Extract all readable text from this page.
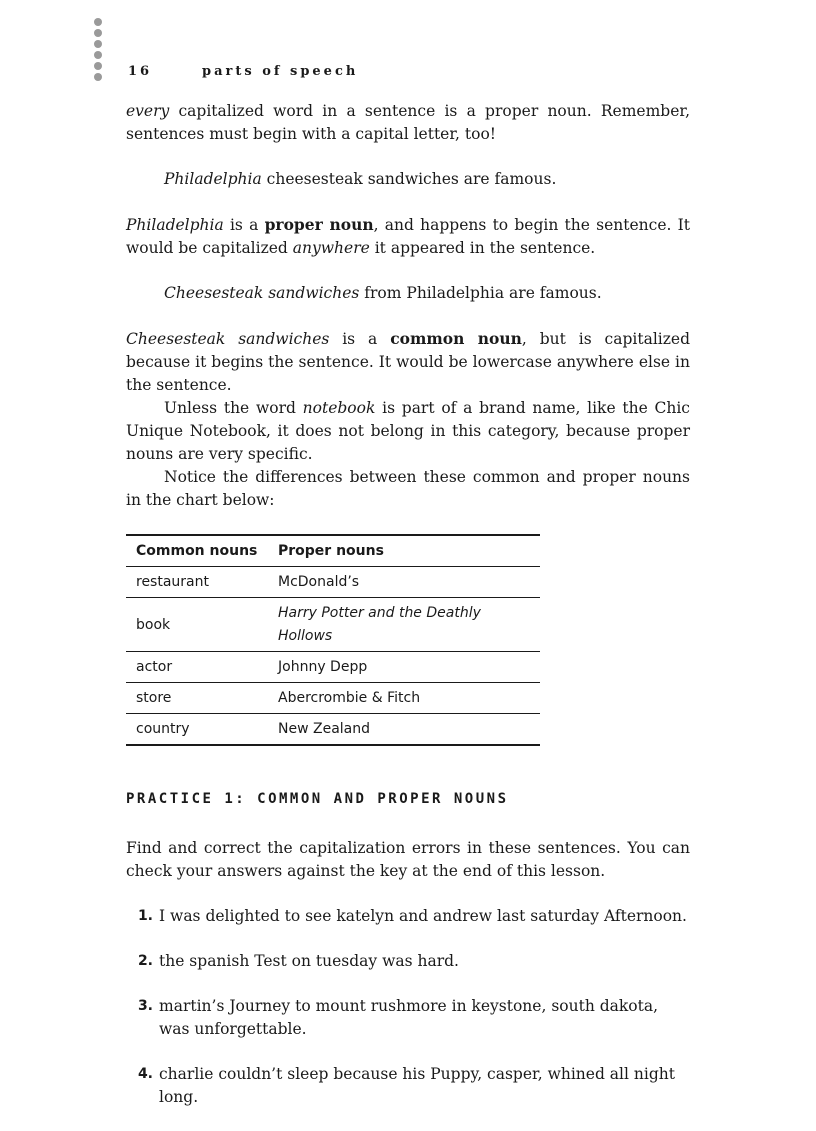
16	parts of speech

every capitalized word in a sentence is a proper noun. Remember, sentences must begin with a capital letter, too!

Philadelphia cheesesteak sandwiches are famous.

Philadelphia is a proper noun, and happens to begin the sentence. It would be capitalized anywhere it appeared in the sentence.

Cheesesteak sandwiches from Philadelphia are famous.

Cheesesteak sandwiches is a common noun, but is capitalized because it begins the sentence. It would be lowercase anywhere else in the sentence.

Unless the word notebook is part of a brand name, like the Chic Unique Notebook, it does not belong in this category, because proper nouns are very specific.

Notice the differences between these common and proper nouns in the chart below:

Common nouns	Proper nouns
restaurant	McDonald’s
book	Harry Potter and the Deathly Hollows
actor	Johnny Depp
store	Abercrombie & Fitch
country	New Zealand
PRACTICE 1: COMMON AND PROPER NOUNS

Find and correct the capitalization errors in these sentences. You can check your answers against the key at the end of this lesson.

1. I was delighted to see katelyn and andrew last saturday Afternoon.
2. the spanish Test on tuesday was hard.
3. martin’s Journey to mount rushmore in keystone, south dakota, was unforgettable.
4. charlie couldn’t sleep because his Puppy, casper, whined all night long.
